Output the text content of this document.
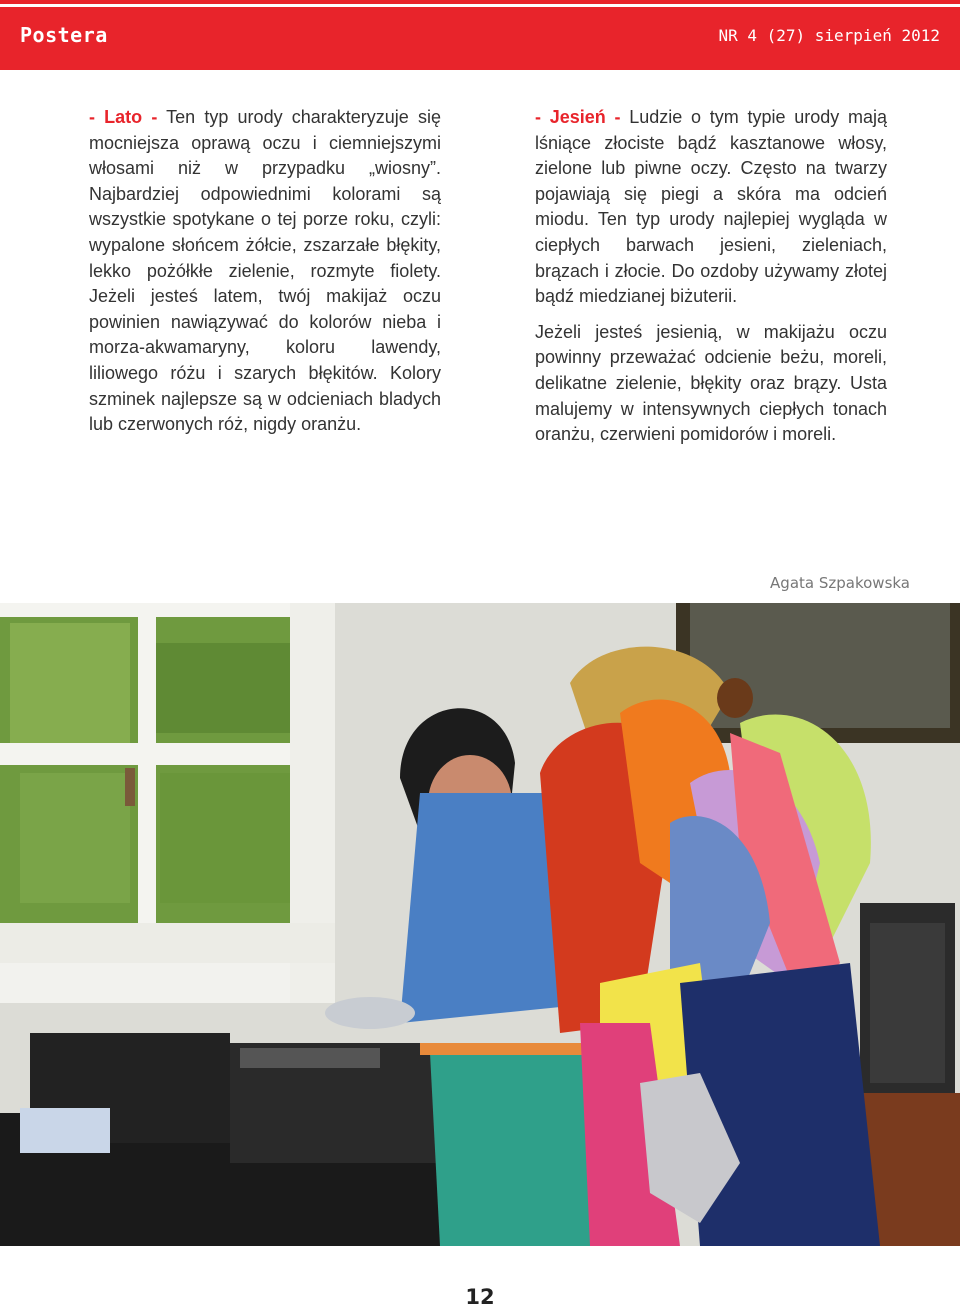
Postera	NR 4 (27) sierpień 2012

- Lato - Ten typ urody charakteryzuje się mocniejsza oprawą oczu i ciemniejszymi włosami niż w przypadku „wiosny”. Najbardziej odpowiednimi kolorami są wszystkie spotykane o tej porze roku, czyli: wypalone słońcem żółcie, zszarzałe błękity, lekko pożółkłe zielenie, rozmyte fiolety. Jeżeli jesteś latem, twój makijaż oczu powinien nawiązywać do kolorów nieba i morza-akwamaryny, koloru lawendy, liliowego różu i szarych błękitów. Kolory szminek najlepsze są w odcieniach bladych lub czerwonych róż, nigdy oranżu.

- Jesień - Ludzie o tym typie urody mają lśniące złociste bądź kasztanowe włosy, zielone lub piwne oczy. Często na twarzy pojawiają się piegi a skóra ma odcień miodu. Ten typ urody najlepiej wygląda w ciepłych barwach jesieni, zieleniach, brązach i złocie. Do ozdoby używamy złotej bądź miedzianej biżuterii.

Jeżeli jesteś jesienią, w makijażu oczu powinny przeważać odcienie beżu, moreli, delikatne zielenie, błękity oraz brązy. Usta malujemy w intensywnych ciepłych tonach oranżu, czerwieni pomidorów i moreli.

Agata Szpakowska
12
